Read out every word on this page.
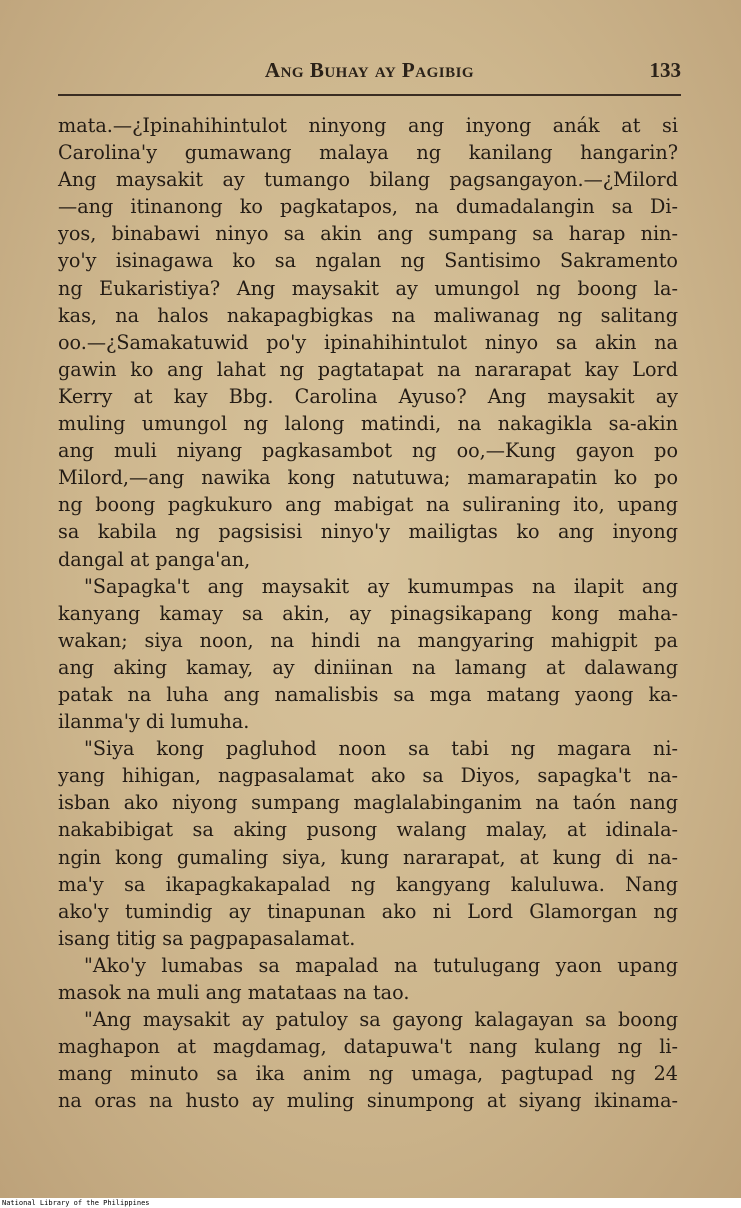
Ang Buhay ay Pagibig	133
mata.—¿Ipinahihintulot ninyong ang inyong anák at si
Carolina'y gumawang malaya ng kanilang hangarin?
Ang maysakit ay tumango bilang pagsangayon.—¿Milord
—ang itinanong ko pagkatapos, na dumadalangin sa Di-
yos, binabawi ninyo sa akin ang sumpang sa harap nin-
yo'y isinagawa ko sa ngalan ng Santisimo Sakramento
ng Eukaristiya? Ang maysakit ay umungol ng boong la-
kas, na halos nakapagbigkas na maliwanag ng salitang
oo.—¿Samakatuwid po'y ipinahihintulot ninyo sa akin na
gawin ko ang lahat ng pagtatapat na nararapat kay Lord
Kerry at kay Bbg. Carolina Ayuso? Ang maysakit ay
muling umungol ng lalong matindi, na nakagikla sa-akin
ang muli niyang pagkasambot ng oo,—Kung gayon po
Milord,—ang nawika kong natutuwa; mamarapatin ko po
ng boong pagkukuro ang mabigat na suliraning ito, upang
sa kabila ng pagsisisi ninyo'y mailigtas ko ang inyong
dangal at panga'an,
"Sapagka't ang maysakit ay kumumpas na ilapit ang
kanyang kamay sa akin, ay pinagsikapang kong maha-
wakan; siya noon, na hindi na mangyaring mahigpit pa
ang aking kamay, ay diniinan na lamang at dalawang
patak na luha ang namalisbis sa mga matang yaong ka-
ilanma'y di lumuha.
"Siya kong pagluhod noon sa tabi ng magara ni-
yang hihigan, nagpasalamat ako sa Diyos, sapagka't na-
isban ako niyong sumpang maglalabinganim na taón nang
nakabibigat sa aking pusong walang malay, at idinala-
ngin kong gumaling siya, kung nararapat, at kung di na-
ma'y sa ikapagkakapalad ng kangyang kaluluwa. Nang
ako'y tumindig ay tinapunan ako ni Lord Glamorgan ng
isang titig sa pagpapasalamat.
"Ako'y lumabas sa mapalad na tutulugang yaon upang
masok na muli ang matataas na tao.
"Ang maysakit ay patuloy sa gayong kalagayan sa boong
maghapon at magdamag, datapuwa't nang kulang ng li-
mang minuto sa ika anim ng umaga, pagtupad ng 24
na oras na husto ay muling sinumpong at siyang ikinama-
National Library of the Philippines
